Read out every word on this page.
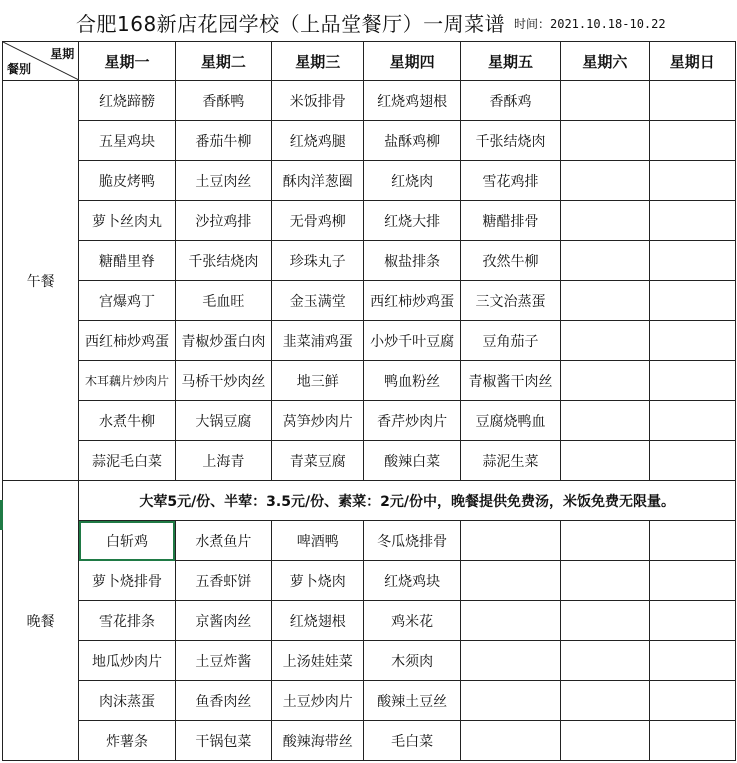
合肥168新店花园学校（上品堂餐厅）一周菜谱 时间：2021.10.18-10.22
星期
餐别	星期一	星期二	星期三	星期四	星期五	星期六	星期日
午餐	红烧蹄髈	香酥鸭	米饭排骨	红烧鸡翅根	香酥鸡		
	五星鸡块	番茄牛柳	红烧鸡腿	盐酥鸡柳	千张结烧肉		
	脆皮烤鸭	土豆肉丝	酥肉洋葱圈	红烧肉	雪花鸡排		
	萝卜丝肉丸	沙拉鸡排	无骨鸡柳	红烧大排	糖醋排骨		
	糖醋里脊	千张结烧肉	珍珠丸子	椒盐排条	孜然牛柳		
	宫爆鸡丁	毛血旺	金玉满堂	西红柿炒鸡蛋	三文治蒸蛋		
	西红柿炒鸡蛋	青椒炒蛋白肉	韭菜浦鸡蛋	小炒千叶豆腐	豆角茄子		
	木耳藕片炒肉片	马桥干炒肉丝	地三鲜	鸭血粉丝	青椒酱干肉丝		
	水煮牛柳	大锅豆腐	莴笋炒肉片	香芹炒肉片	豆腐烧鸭血		
	蒜泥毛白菜	上海青	青菜豆腐	酸辣白菜	蒜泥生菜		
晚餐	大荤5元/份、半荤：3.5元/份、素菜：2元/份中，晚餐提供免费汤，米饭免费无限量。						
	白斩鸡	水煮鱼片	啤酒鸭	冬瓜烧排骨			
	萝卜烧排骨	五香虾饼	萝卜烧肉	红烧鸡块			
	雪花排条	京酱肉丝	红烧翅根	鸡米花			
	地瓜炒肉片	土豆炸酱	上汤娃娃菜	木须肉			
	肉沫蒸蛋	鱼香肉丝	土豆炒肉片	酸辣土豆丝			
	炸薯条	干锅包菜	酸辣海带丝	毛白菜			
